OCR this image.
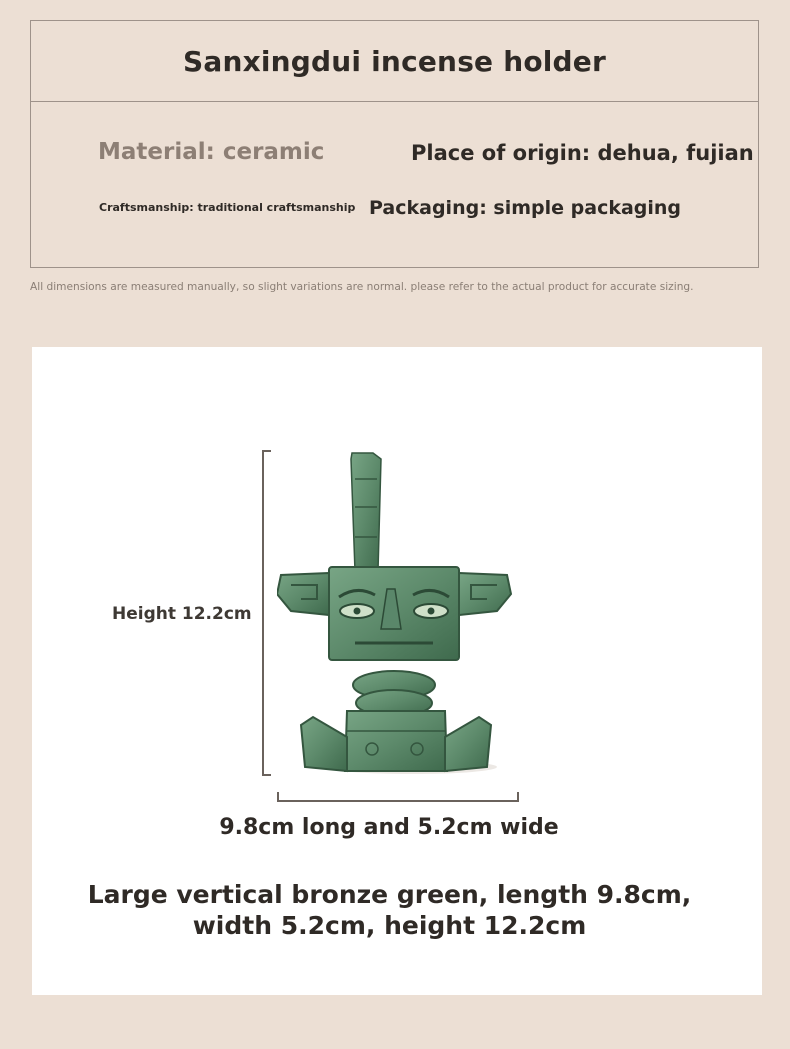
Sanxingdui incense holder
Material: ceramic	Place of origin: dehua, fujian
Craftsmanship: traditional craftsmanship Packaging: simple packaging
All dimensions are measured manually, so slight variations are normal. please refer to the actual product for accurate sizing.
Height 12.2cm
9.8cm long and 5.2cm wide
Large vertical bronze green, length 9.8cm, width 5.2cm, height 12.2cm
